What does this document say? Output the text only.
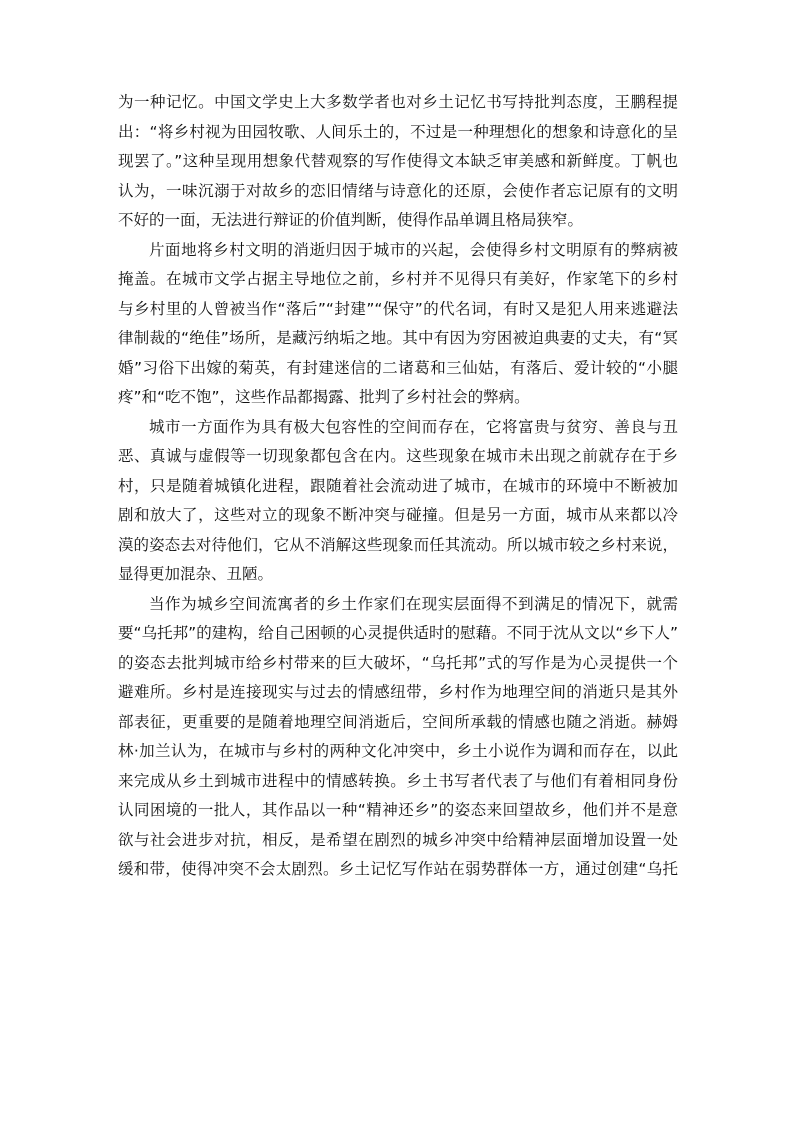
为一种记忆。中国文学史上大多数学者也对乡土记忆书写持批判态度，王鹏程提
出：“将乡村视为田园牧歌、人间乐土的，不过是一种理想化的想象和诗意化的呈
现罢了。”这种呈现用想象代替观察的写作使得文本缺乏审美感和新鲜度。丁帆也
认为，一味沉溺于对故乡的恋旧情绪与诗意化的还原，会使作者忘记原有的文明
不好的一面，无法进行辩证的价值判断，使得作品单调且格局狭窄。
片面地将乡村文明的消逝归因于城市的兴起，会使得乡村文明原有的弊病被
掩盖。在城市文学占据主导地位之前，乡村并不见得只有美好，作家笔下的乡村
与乡村里的人曾被当作“落后”“封建”“保守”的代名词，有时又是犯人用来逃避法
律制裁的“绝佳”场所，是藏污纳垢之地。其中有因为穷困被迫典妻的丈夫，有“冥
婚”习俗下出嫁的菊英，有封建迷信的二诸葛和三仙姑，有落后、爱计较的“小腿
疼”和“吃不饱”，这些作品都揭露、批判了乡村社会的弊病。
城市一方面作为具有极大包容性的空间而存在，它将富贵与贫穷、善良与丑
恶、真诚与虚假等一切现象都包含在内。这些现象在城市未出现之前就存在于乡
村，只是随着城镇化进程，跟随着社会流动进了城市，在城市的环境中不断被加
剧和放大了，这些对立的现象不断冲突与碰撞。但是另一方面，城市从来都以冷
漠的姿态去对待他们，它从不消解这些现象而任其流动。所以城市较之乡村来说，
显得更加混杂、丑陋。
当作为城乡空间流寓者的乡土作家们在现实层面得不到满足的情况下，就需
要“乌托邦”的建构，给自己困顿的心灵提供适时的慰藉。不同于沈从文以“乡下人”
的姿态去批判城市给乡村带来的巨大破坏，“乌托邦”式的写作是为心灵提供一个
避难所。乡村是连接现实与过去的情感纽带，乡村作为地理空间的消逝只是其外
部表征，更重要的是随着地理空间消逝后，空间所承载的情感也随之消逝。赫姆
林·加兰认为，在城市与乡村的两种文化冲突中，乡土小说作为调和而存在，以此
来完成从乡土到城市进程中的情感转换。乡土书写者代表了与他们有着相同身份
认同困境的一批人，其作品以一种“精神还乡”的姿态来回望故乡，他们并不是意
欲与社会进步对抗，相反，是希望在剧烈的城乡冲突中给精神层面增加设置一处
缓和带，使得冲突不会太剧烈。乡土记忆写作站在弱势群体一方，通过创建“乌托
